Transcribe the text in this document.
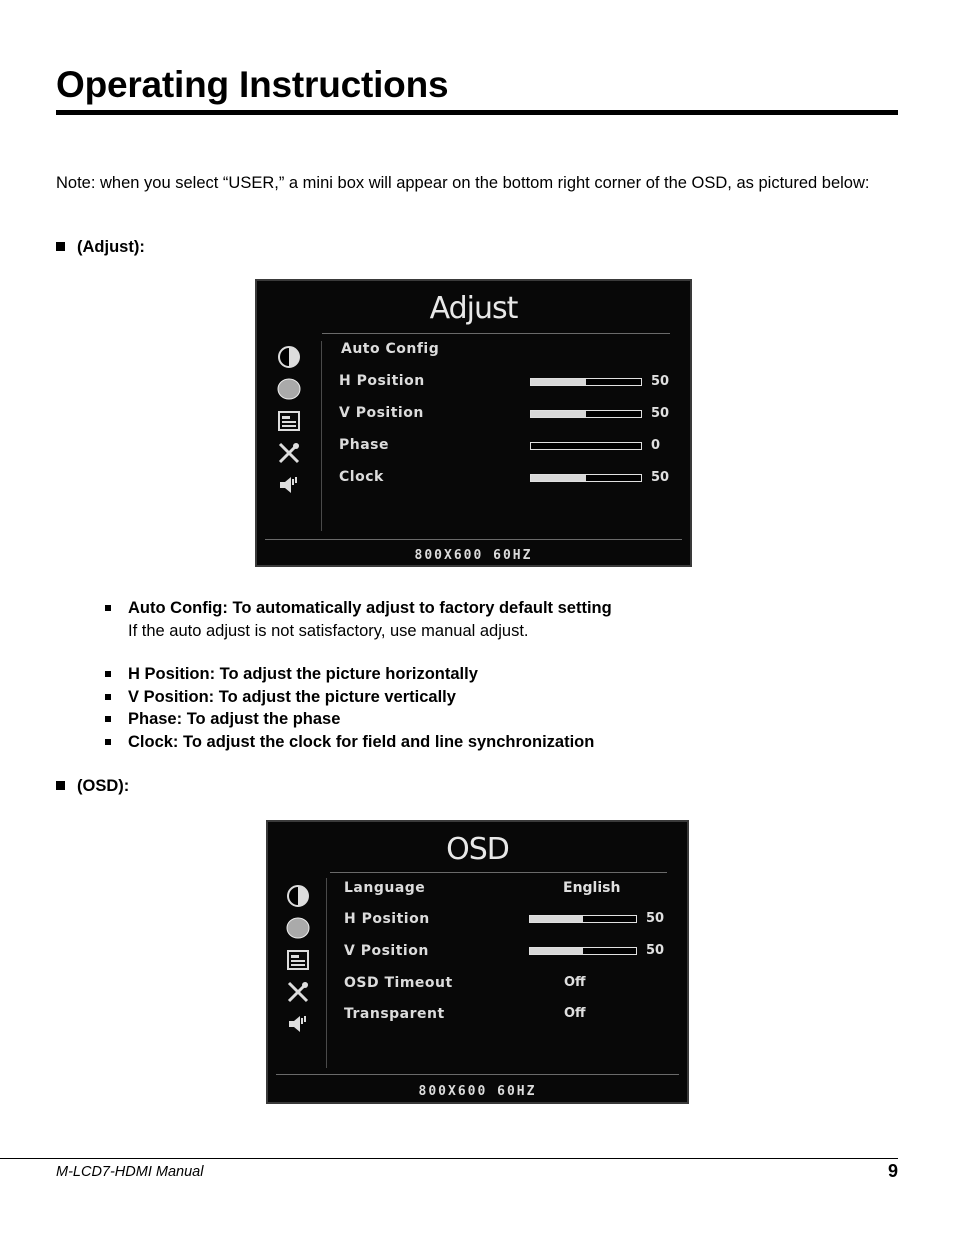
Operating Instructions
Note: when you select “USER,” a mini box will appear on the bottom right corner of the OSD, as pictured below:
(Adjust):
Adjust
Auto Config
H Position
V Position
Phase
Clock
50
50
0
50
800X600 60HZ
Auto Config: To automatically adjust to factory default setting
If the auto adjust is not satisfactory, use manual adjust.
H Position: To adjust the picture horizontally
V Position: To adjust the picture vertically
Phase: To adjust the phase
Clock: To adjust the clock for field and line synchronization
(OSD):
OSD
Language
H Position
V Position
OSD Timeout
Transparent
English
50
50
Off
Off
800X600 60HZ
M-LCD7-HDMI Manual	9
